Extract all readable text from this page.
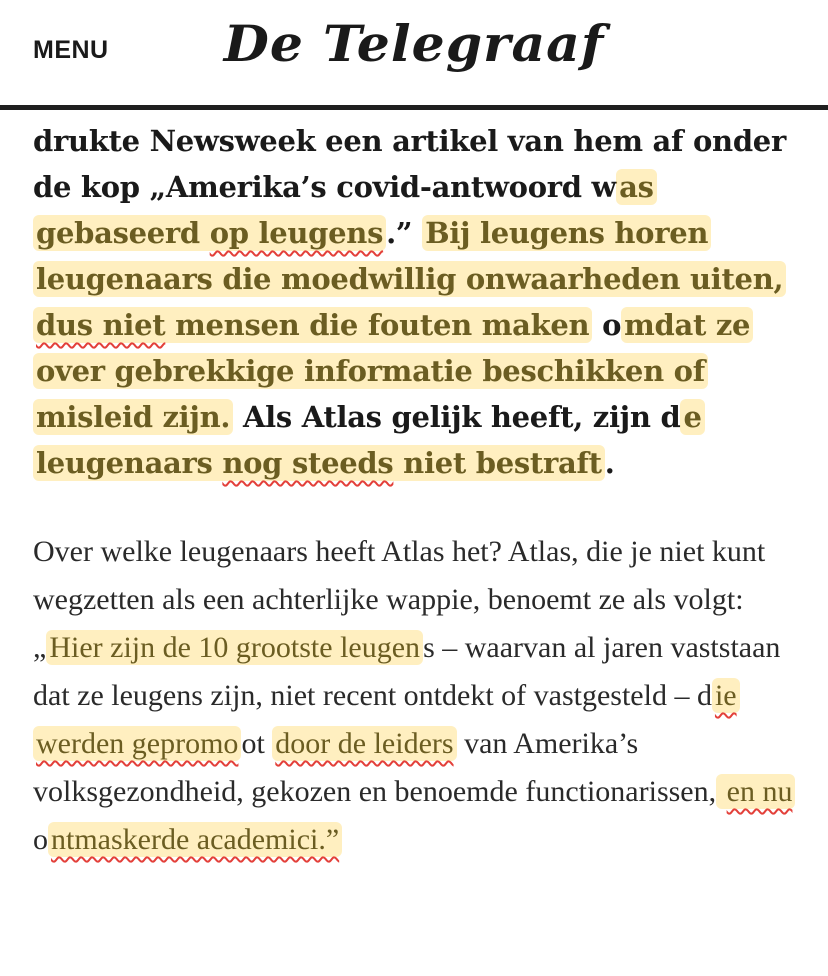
MENU	De Telegraaf

drukte Newsweek een artikel van hem af onder de kop „Amerika’s covid-antwoord w as gebaseerd op leugens .” Bij leugens horen leugenaars die moedwillig onwaarheden uiten, dus niet mensen die fouten maken o mdat ze over gebrekkige informatie beschikken of misleid zijn. Als Atlas gelijk heeft, zijn d e leugenaars nog steeds niet bestraft .

Over welke leugenaars heeft Atlas het? Atlas, die je niet kunt wegzetten als een achterlijke wappie, benoemt ze als volgt: „ Hier zijn de 10 grootste leugen s – waarvan al jaren vaststaan dat ze leugens zijn, niet recent ontdekt of vastgesteld – d ie werden gepromo ot door de leiders van Amerika’s volksgezondheid, gekozen en benoemde functionarissen, en nu o ntmaskerde academici.”
